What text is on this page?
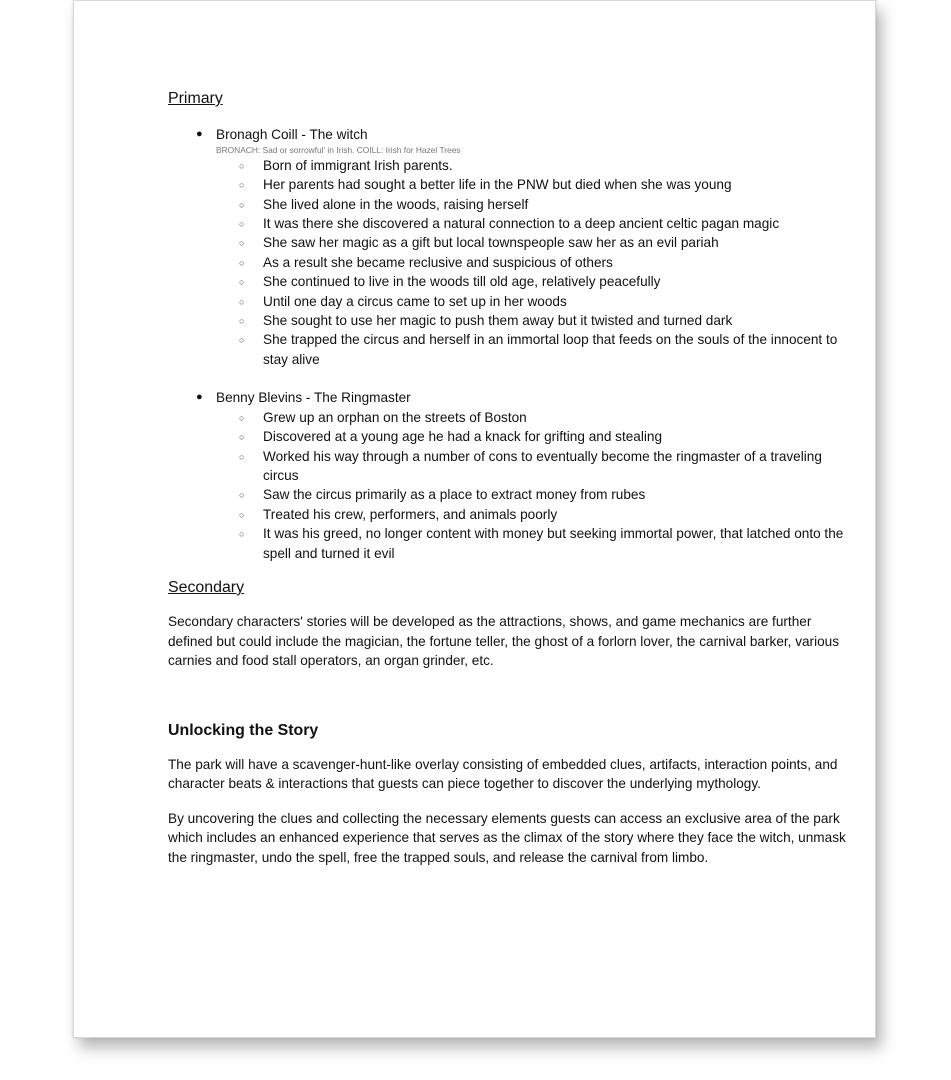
Primary
● Bronagh Coill - The witch
BRONACH: Sad or sorrowful' in Irish. COILL: Irish for Hazel Trees
○ Born of immigrant Irish parents.
○ Her parents had sought a better life in the PNW but died when she was young
○ She lived alone in the woods, raising herself
○ It was there she discovered a natural connection to a deep ancient celtic pagan magic
○ She saw her magic as a gift but local townspeople saw her as an evil pariah
○ As a result she became reclusive and suspicious of others
○ She continued to live in the woods till old age, relatively peacefully
○ Until one day a circus came to set up in her woods
○ She sought to use her magic to push them away but it twisted and turned dark
○ She trapped the circus and herself in an immortal loop that feeds on the souls of the innocent to stay alive
● Benny Blevins - The Ringmaster
○ Grew up an orphan on the streets of Boston
○ Discovered at a young age he had a knack for grifting and stealing
○ Worked his way through a number of cons to eventually become the ringmaster of a traveling circus
○ Saw the circus primarily as a place to extract money from rubes
○ Treated his crew, performers, and animals poorly
○ It was his greed, no longer content with money but seeking immortal power, that latched onto the spell and turned it evil
Secondary

Secondary characters' stories will be developed as the attractions, shows, and game mechanics are further defined but could include the magician, the fortune teller, the ghost of a forlorn lover, the carnival barker, various carnies and food stall operators, an organ grinder, etc.

Unlocking the Story

The park will have a scavenger-hunt-like overlay consisting of embedded clues, artifacts, interaction points, and character beats & interactions that guests can piece together to discover the underlying mythology.

By uncovering the clues and collecting the necessary elements guests can access an exclusive area of the park which includes an enhanced experience that serves as the climax of the story where they face the witch, unmask the ringmaster, undo the spell, free the trapped souls, and release the carnival from limbo.
